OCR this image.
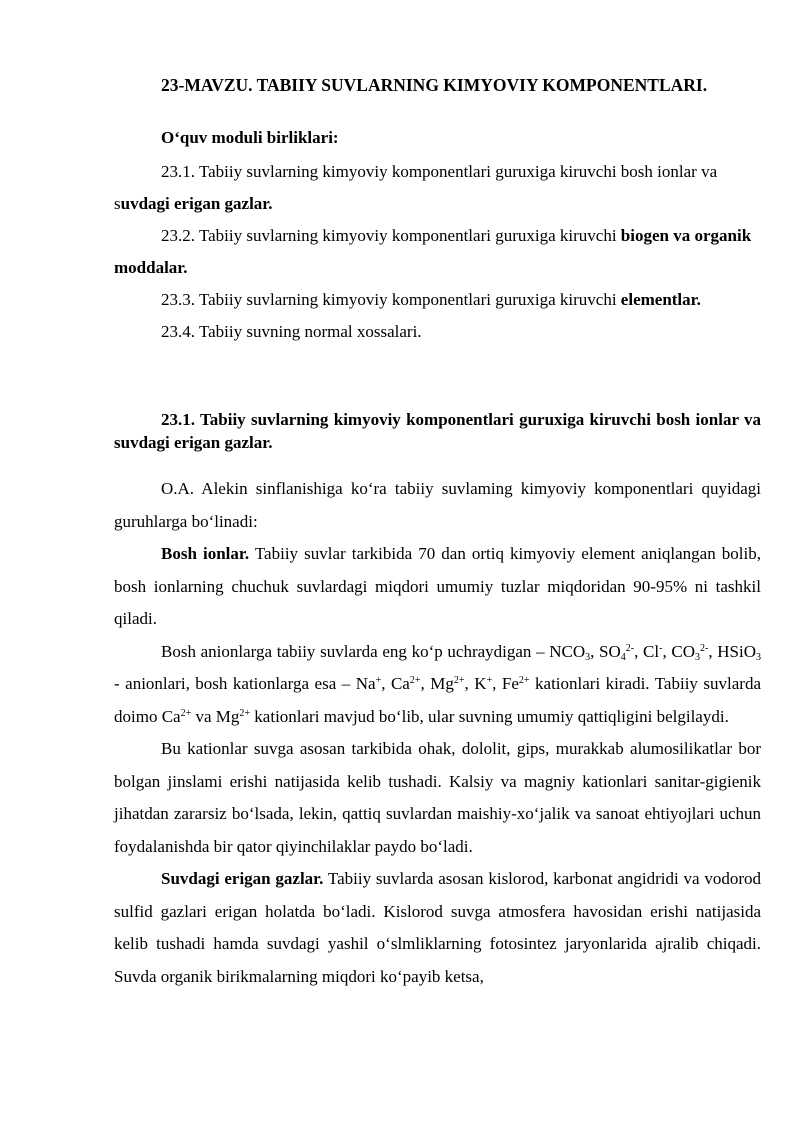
23-MAVZU. TABIIY SUVLARNING KIMYOVIY KOMPONENTLARI.
O‘quv moduli birliklari:

23.1. Tabiiy suvlarning kimyoviy komponentlari guruxiga kiruvchi bosh ionlar va suvdagi erigan gazlar.

23.2. Tabiiy suvlarning kimyoviy komponentlari guruxiga kiruvchi biogen va organik moddalar.

23.3. Tabiiy suvlarning kimyoviy komponentlari guruxiga kiruvchi elementlar.

23.4. Tabiiy suvning normal xossalari.

23.1. Tabiiy suvlarning kimyoviy komponentlari guruxiga kiruvchi bosh ionlar va suvdagi erigan gazlar.

O.A. Alekin sinflanishiga ko‘ra tabiiy suvlaming kimyoviy komponentlari quyidagi guruhlarga bo‘linadi:

Bosh ionlar. Tabiiy suvlar tarkibida 70 dan ortiq kimyoviy element aniqlangan bolib, bosh ionlarning chuchuk suvlardagi miqdori umumiy tuzlar miqdoridan 90-95% ni tashkil qiladi.

Bosh anionlarga tabiiy suvlarda eng ko‘p uchraydigan – $NCO_3$, $SO_4^{2-}$, Cl-, $CO_3^{2-}$, HSiO$_3$ - anionlari, bosh kationlarga esa – Na+, $Ca^{2+}$, $Mg^{2+}$, K+, $Fe^{2+}$ kationlari kiradi. Tabiiy suvlarda doimo $Ca^{2+}$ va $Mg^{2+}$ kationlari mavjud bo‘lib, ular suvning umumiy qattiqligini belgilaydi.

Bu kationlar suvga asosan tarkibida ohak, dololit, gips, murakkab alumosilikatlar bor bolgan jinslami erishi natijasida kelib tushadi. Kalsiy va magniy kationlari sanitar-gigienik jihatdan zararsiz bo‘lsada, lekin, qattiq suvlardan maishiy-xo‘jalik va sanoat ehtiyojlari uchun foydalanishda bir qator qiyinchilaklar paydo bo‘ladi.

Suvdagi erigan gazlar. Tabiiy suvlarda asosan kislorod, karbonat angidridi va vodorod sulfid gazlari erigan holatda bo‘ladi. Kislorod suvga atmosfera havosidan erishi natijasida kelib tushadi hamda suvdagi yashil o‘slmliklarning fotosintez jaryonlarida ajralib chiqadi. Suvda organik birikmalarning miqdori ko‘payib ketsa,
